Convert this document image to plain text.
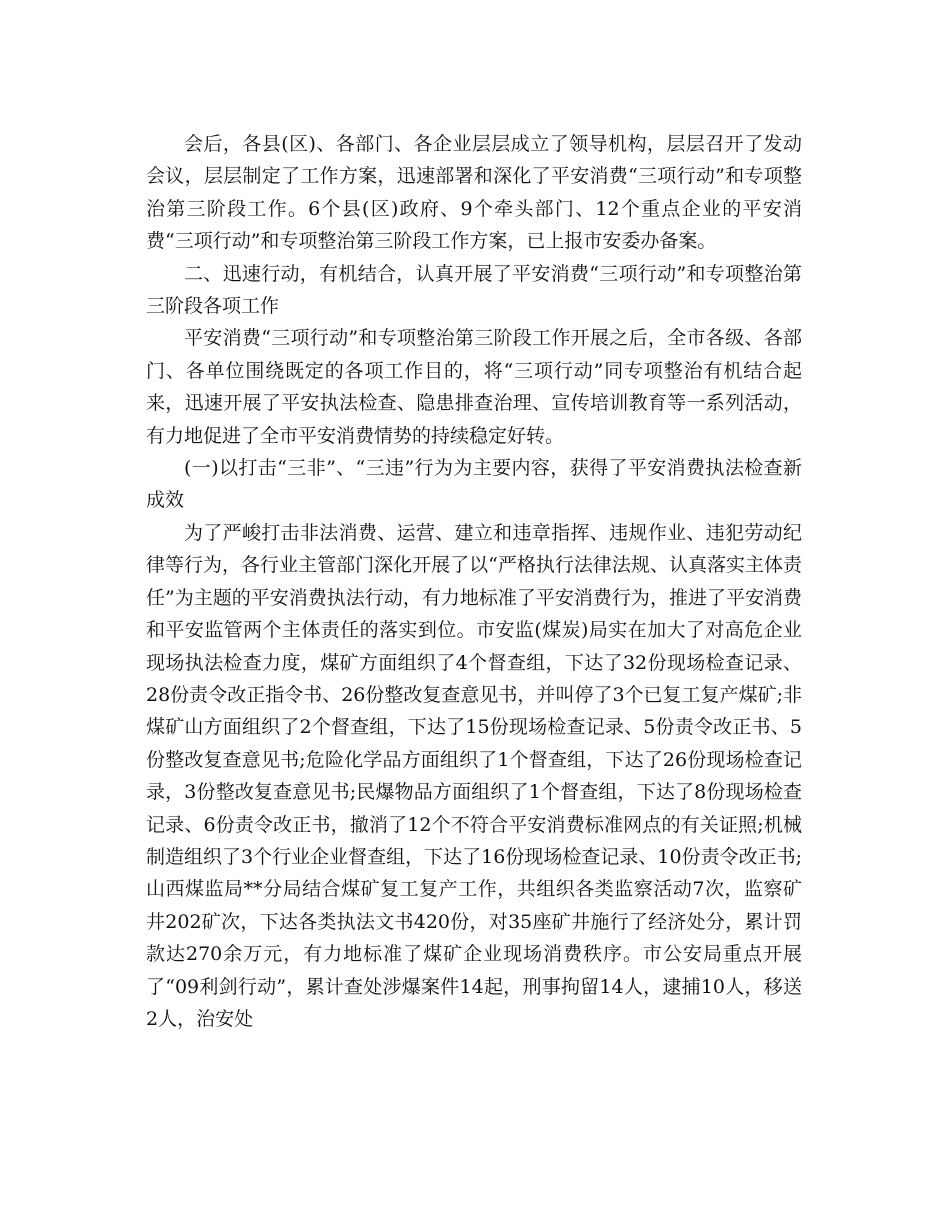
会后，各县(区)、各部门、各企业层层成立了领导机构，层层召开了发动会议，层层制定了工作方案，迅速部署和深化了平安消费“三项行动”和专项整治第三阶段工作。6个县(区)政府、9个牵头部门、12个重点企业的平安消费“三项行动”和专项整治第三阶段工作方案，已上报市安委办备案。

二、迅速行动，有机结合，认真开展了平安消费“三项行动”和专项整治第三阶段各项工作

平安消费“三项行动”和专项整治第三阶段工作开展之后，全市各级、各部门、各单位围绕既定的各项工作目的，将“三项行动”同专项整治有机结合起来，迅速开展了平安执法检查、隐患排查治理、宣传培训教育等一系列活动，有力地促进了全市平安消费情势的持续稳定好转。

(一)以打击“三非”、“三违”行为为主要内容，获得了平安消费执法检查新成效

为了严峻打击非法消费、运营、建立和违章指挥、违规作业、违犯劳动纪律等行为，各行业主管部门深化开展了以“严格执行法律法规、认真落实主体责任”为主题的平安消费执法行动，有力地标准了平安消费行为，推进了平安消费和平安监管两个主体责任的落实到位。市安监(煤炭)局实在加大了对高危企业现场执法检查力度，煤矿方面组织了4个督查组，下达了32份现场检查记录、28份责令改正指令书、26份整改复查意见书，并叫停了3个已复工复产煤矿;非煤矿山方面组织了2个督查组，下达了15份现场检查记录、5份责令改正书、5份整改复查意见书;危险化学品方面组织了1个督查组，下达了26份现场检查记录，3份整改复查意见书;民爆物品方面组织了1个督查组，下达了8份现场检查记录、6份责令改正书，撤消了12个不符合平安消费标准网点的有关证照;机械制造组织了3个行业企业督查组，下达了16份现场检查记录、10份责令改正书;山西煤监局**分局结合煤矿复工复产工作，共组织各类监察活动7次，监察矿井202矿次，下达各类执法文书420份，对35座矿井施行了经济处分，累计罚款达270余万元，有力地标准了煤矿企业现场消费秩序。市公安局重点开展了“09利剑行动”，累计查处涉爆案件14起，刑事拘留14人，逮捕10人，移送2人，治安处
